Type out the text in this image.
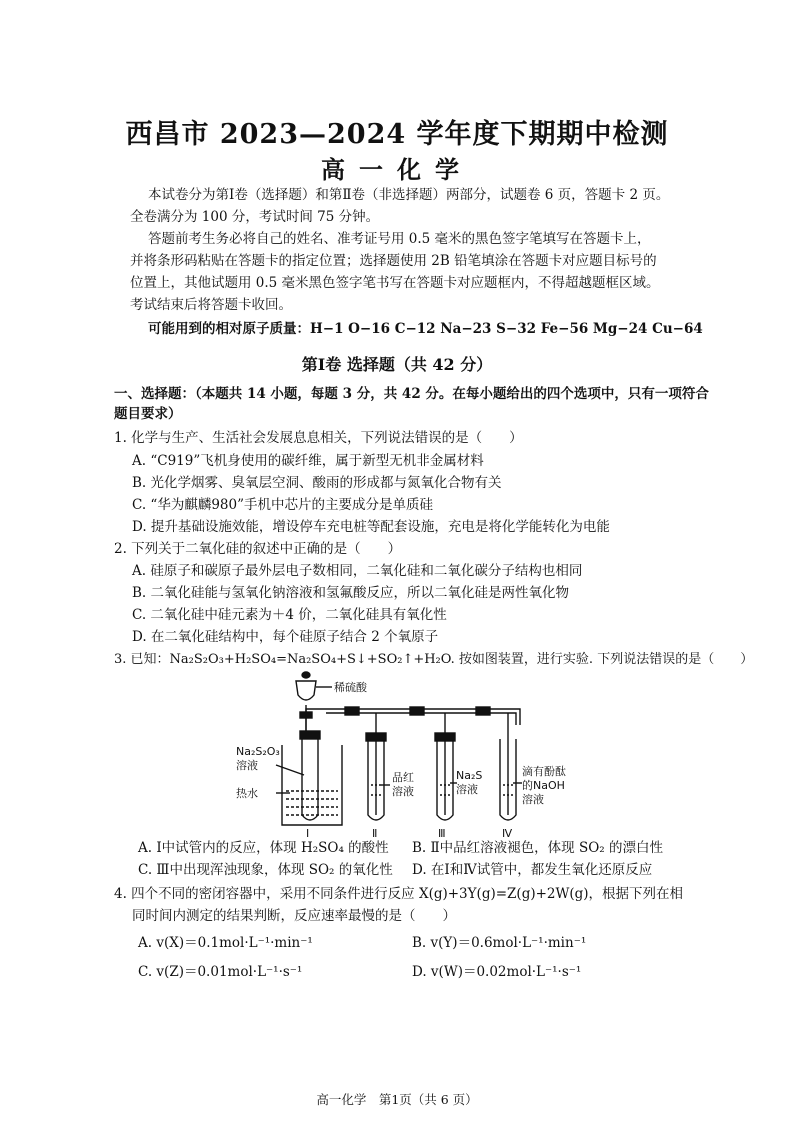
西昌市 2023—2024 学年度下期期中检测
高一化学
本试卷分为第Ⅰ卷（选择题）和第Ⅱ卷（非选择题）两部分，试题卷 6 页，答题卡 2 页。
全卷满分为 100 分，考试时间 75 分钟。
答题前考生务必将自己的姓名、准考证号用 0.5 毫米的黑色签字笔填写在答题卡上，
并将条形码粘贴在答题卡的指定位置；选择题使用 2B 铅笔填涂在答题卡对应题目标号的
位置上，其他试题用 0.5 毫米黑色签字笔书写在答题卡对应题框内，不得超越题框区域。
考试结束后将答题卡收回。
可能用到的相对原子质量：H−1 O−16 C−12 Na−23 S−32 Fe−56 Mg−24 Cu−64
第Ⅰ卷 选择题（共 42 分）
一、选择题：（本题共 14 小题，每题 3 分，共 42 分。在每小题给出的四个选项中，只有一项符合
题目要求）
1. 化学与生产、生活社会发展息息相关，下列说法错误的是（　　）
A. “C919”飞机身使用的碳纤维，属于新型无机非金属材料
B. 光化学烟雾、臭氧层空洞、酸雨的形成都与氮氧化合物有关
C. “华为麒麟980”手机中芯片的主要成分是单质硅
D. 提升基础设施效能，增设停车充电桩等配套设施，充电是将化学能转化为电能
2. 下列关于二氧化硅的叙述中正确的是（　　）
A. 硅原子和碳原子最外层电子数相同，二氧化硅和二氧化碳分子结构也相同
B. 二氧化硅能与氢氧化钠溶液和氢氟酸反应，所以二氧化硅是两性氧化物
C. 二氧化硅中硅元素为＋4 价，二氧化硅具有氧化性
D. 在二氧化硅结构中，每个硅原子结合 2 个氧原子
3. 已知：Na₂S₂O₃+H₂SO₄=Na₂SO₄+S↓+SO₂↑+H₂O. 按如图装置，进行实验. 下列说法错误的是（　　）
稀硫酸
Na₂S₂O₃
溶液
热水
品红
溶液
Na₂S
溶液
滴有酚酞
的NaOH
溶液
Ⅰ	Ⅱ	Ⅲ	Ⅳ
A. Ⅰ中试管内的反应，体现 H₂SO₄ 的酸性 B. Ⅱ中品红溶液褪色，体现 SO₂ 的漂白性
C. Ⅲ中出现浑浊现象，体现 SO₂ 的氧化性 D. 在Ⅰ和Ⅳ试管中，都发生氧化还原反应
4. 四个不同的密闭容器中，采用不同条件进行反应 X(g)+3Y(g)=Z(g)+2W(g)，根据下列在相
同时间内测定的结果判断，反应速率最慢的是（　　）
A. v(X)＝0.1mol·L⁻¹·min⁻¹	B. v(Y)＝0.6mol·L⁻¹·min⁻¹
C. v(Z)＝0.01mol·L⁻¹·s⁻¹	D. v(W)＝0.02mol·L⁻¹·s⁻¹
高一化学　第1页（共 6 页）
